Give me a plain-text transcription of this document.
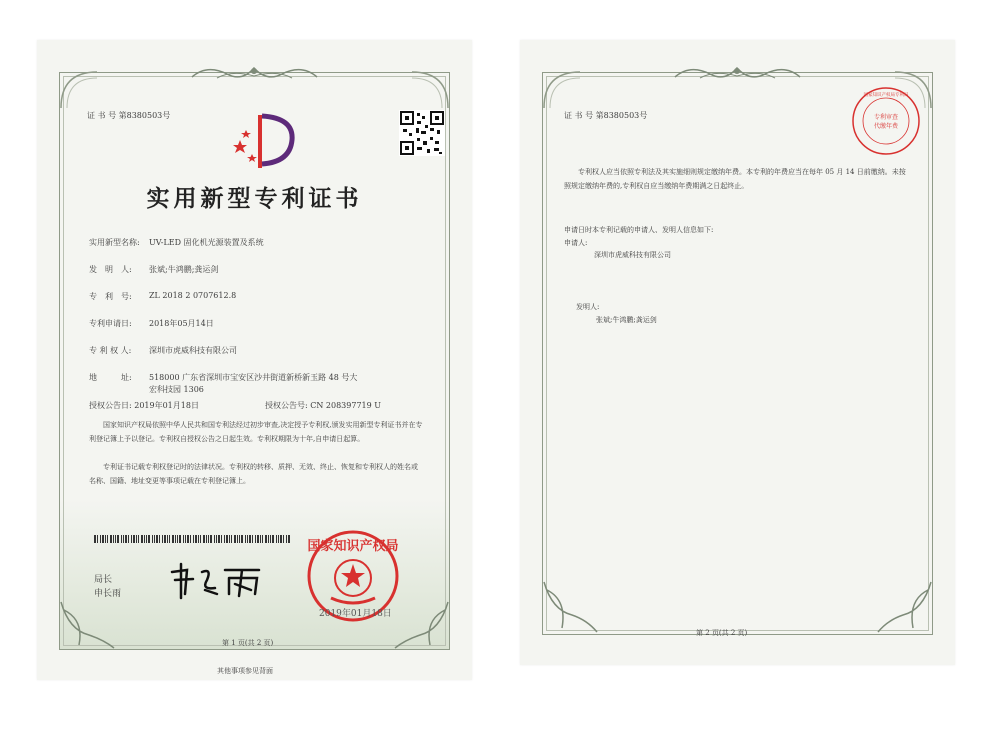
证 书 号 第8380503号
实用新型专利证书
实用新型名称: UV-LED 固化机光源装置及系统
发　明　人: 张斌;牛鸿鹏;龚运剑
专　利　号: ZL 2018 2 0707612.8
专利申请日: 2018年05月14日
专 利 权 人: 深圳市虎威科技有限公司
地　　　址: 518000 广东省深圳市宝安区沙井街道新桥新玉路 48 号大
宏科技园 1306
授权公告日: 2019年01月18日	授权公告号: CN 208397719 U
国家知识产权局依照中华人民共和国专利法经过初步审查,决定授予专利权,颁发实用新型专利证书并在专利登记簿上予以登记。专利权自授权公告之日起生效。专利权期限为十年,自申请日起算。
专利证书记载专利权登记时的法律状况。专利权的转移、质押、无效、终止、恢复和专利权人的姓名或名称、国籍、地址变更等事项记载在专利登记簿上。
局长
申长雨
国家知识产权局
2019年01月18日
第 1 页(共 2 页)
其他事项参见背面
证 书 号 第8380503号	专利审查
代缴年费
国家知识产权局专利局
专利权人应当依照专利法及其实施细则规定缴纳年费。本专利的年费应当在每年 05 月 14 日前缴纳。未按照规定缴纳年费的,专利权自应当缴纳年费期满之日起终止。
申请日时本专利记载的申请人、发明人信息如下:
申请人:
深圳市虎威科技有限公司
发明人:
张斌;牛鸿鹏;龚运剑
第 2 页(共 2 页)
